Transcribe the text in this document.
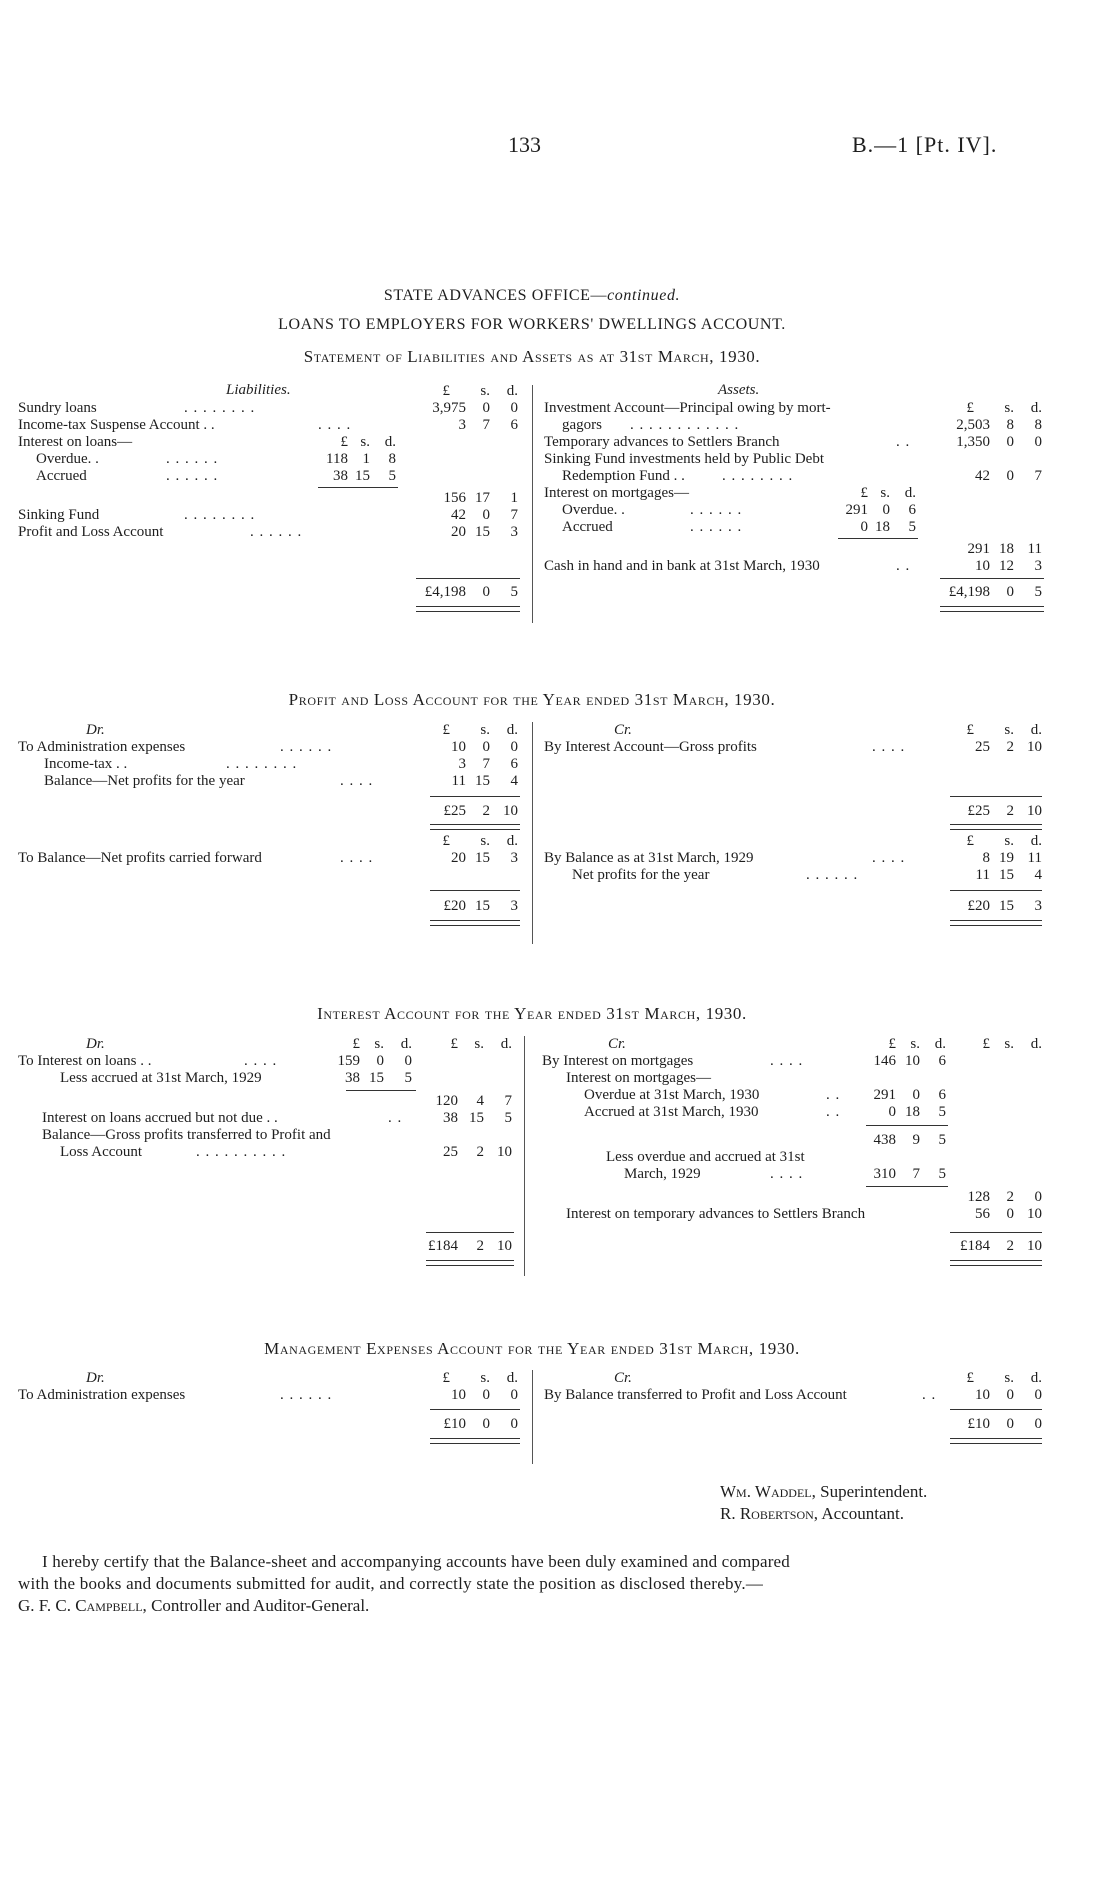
133	B.—1 [Pt. IV].
STATE ADVANCES OFFICE—continued.
LOANS TO EMPLOYERS FOR WORKERS' DWELLINGS ACCOUNT.
Statement of Liabilities and Assets as at 31st March, 1930.
Liabilities.	£	s.	d.
Sundry loans	. . . . . . . .	3,975	0	0
Income-tax Suspense Account . .	. . . .	3	7	6
Interest on loans—	£ s. d.
Overdue. .	. . . . . .	118 1	8
Accrued	. . . . . .	38 15	5
156 17	1
Sinking Fund	. . . . . . . .	42	0	7
Profit and Loss Account	. . . . . .	20 15	3
£4,198	0	5
Assets.
£	s.	d.
Investment Account—Principal owing by mort-
gagors . . . . . . . . . . . .	2,503	8	8
Temporary advances to Settlers Branch	. .	1,350	0	0
Sinking Fund investments held by Public Debt
Redemption Fund . . . . . . . . . .	42	0	7
Interest on mortgages—	£ s. d.
Overdue. .	. . . . . .	291 0	6
Accrued	. . . . . .	0 18	5
291 18 11
Cash in hand and in bank at 31st March, 1930	. .	10 12	3
£4,198	0	5
Profit and Loss Account for the Year ended 31st March, 1930.
Dr.	£	s.	d.	Cr.	£	s.	d.
To Administration expenses	. . . . . .	10	0	0
Income-tax . .	. . . . . . . .	3	7	6
Balance—Net profits for the year	. . . .	11 15	4
£25	2 10
£	s.	d.
To Balance—Net profits carried forward	. . . .	20 15	3
£20 15	3
By Interest Account—Gross profits	. . . .	25	2 10
£25	2 10
£	s.	d.
By Balance as at 31st March, 1929	. . . .	8 19 11
Net profits for the year	. . . . . .	11 15	4
£20 15	3
Interest Account for the Year ended 31st March, 1930.
Dr.	£ s.	d.	£	s.	d.
To Interest on loans . .	. . . .	159	0	0
Less accrued at 31st March, 1929	38 15	5
120	4	7
Interest on loans accrued but not due . .	. .	38 15	5
Balance—Gross profits transferred to Profit and
Loss Account	. . . . . . . . . .	25	2 10
£184	2 10
Cr.	£ s. d.	£ s.	d.
By Interest on mortgages	. . . .	146 10	6
Interest on mortgages—
Overdue at 31st March, 1930	. .	291	0	6
Accrued at 31st March, 1930	. .	0 18	5
438	9	5
Less overdue and accrued at 31st
March, 1929	. . . .	310	7	5
128	2	0
Interest on temporary advances to Settlers Branch	56	0 10
£184	2 10
Management Expenses Account for the Year ended 31st March, 1930.
Dr.	£	s.	d.	Cr.	£	s.	d.
To Administration expenses	. . . . . .	10	0	0
£10	0	0
By Balance transferred to Profit and Loss Account	. .	10	0	0
£10	0	0
Wm. Waddel, Superintendent.
R. Robertson, Accountant.
I hereby certify that the Balance-sheet and accompanying accounts have been duly examined and compared
with the books and documents submitted for audit, and correctly state the position as disclosed thereby.—
G. F. C. Campbell, Controller and Auditor-General.
